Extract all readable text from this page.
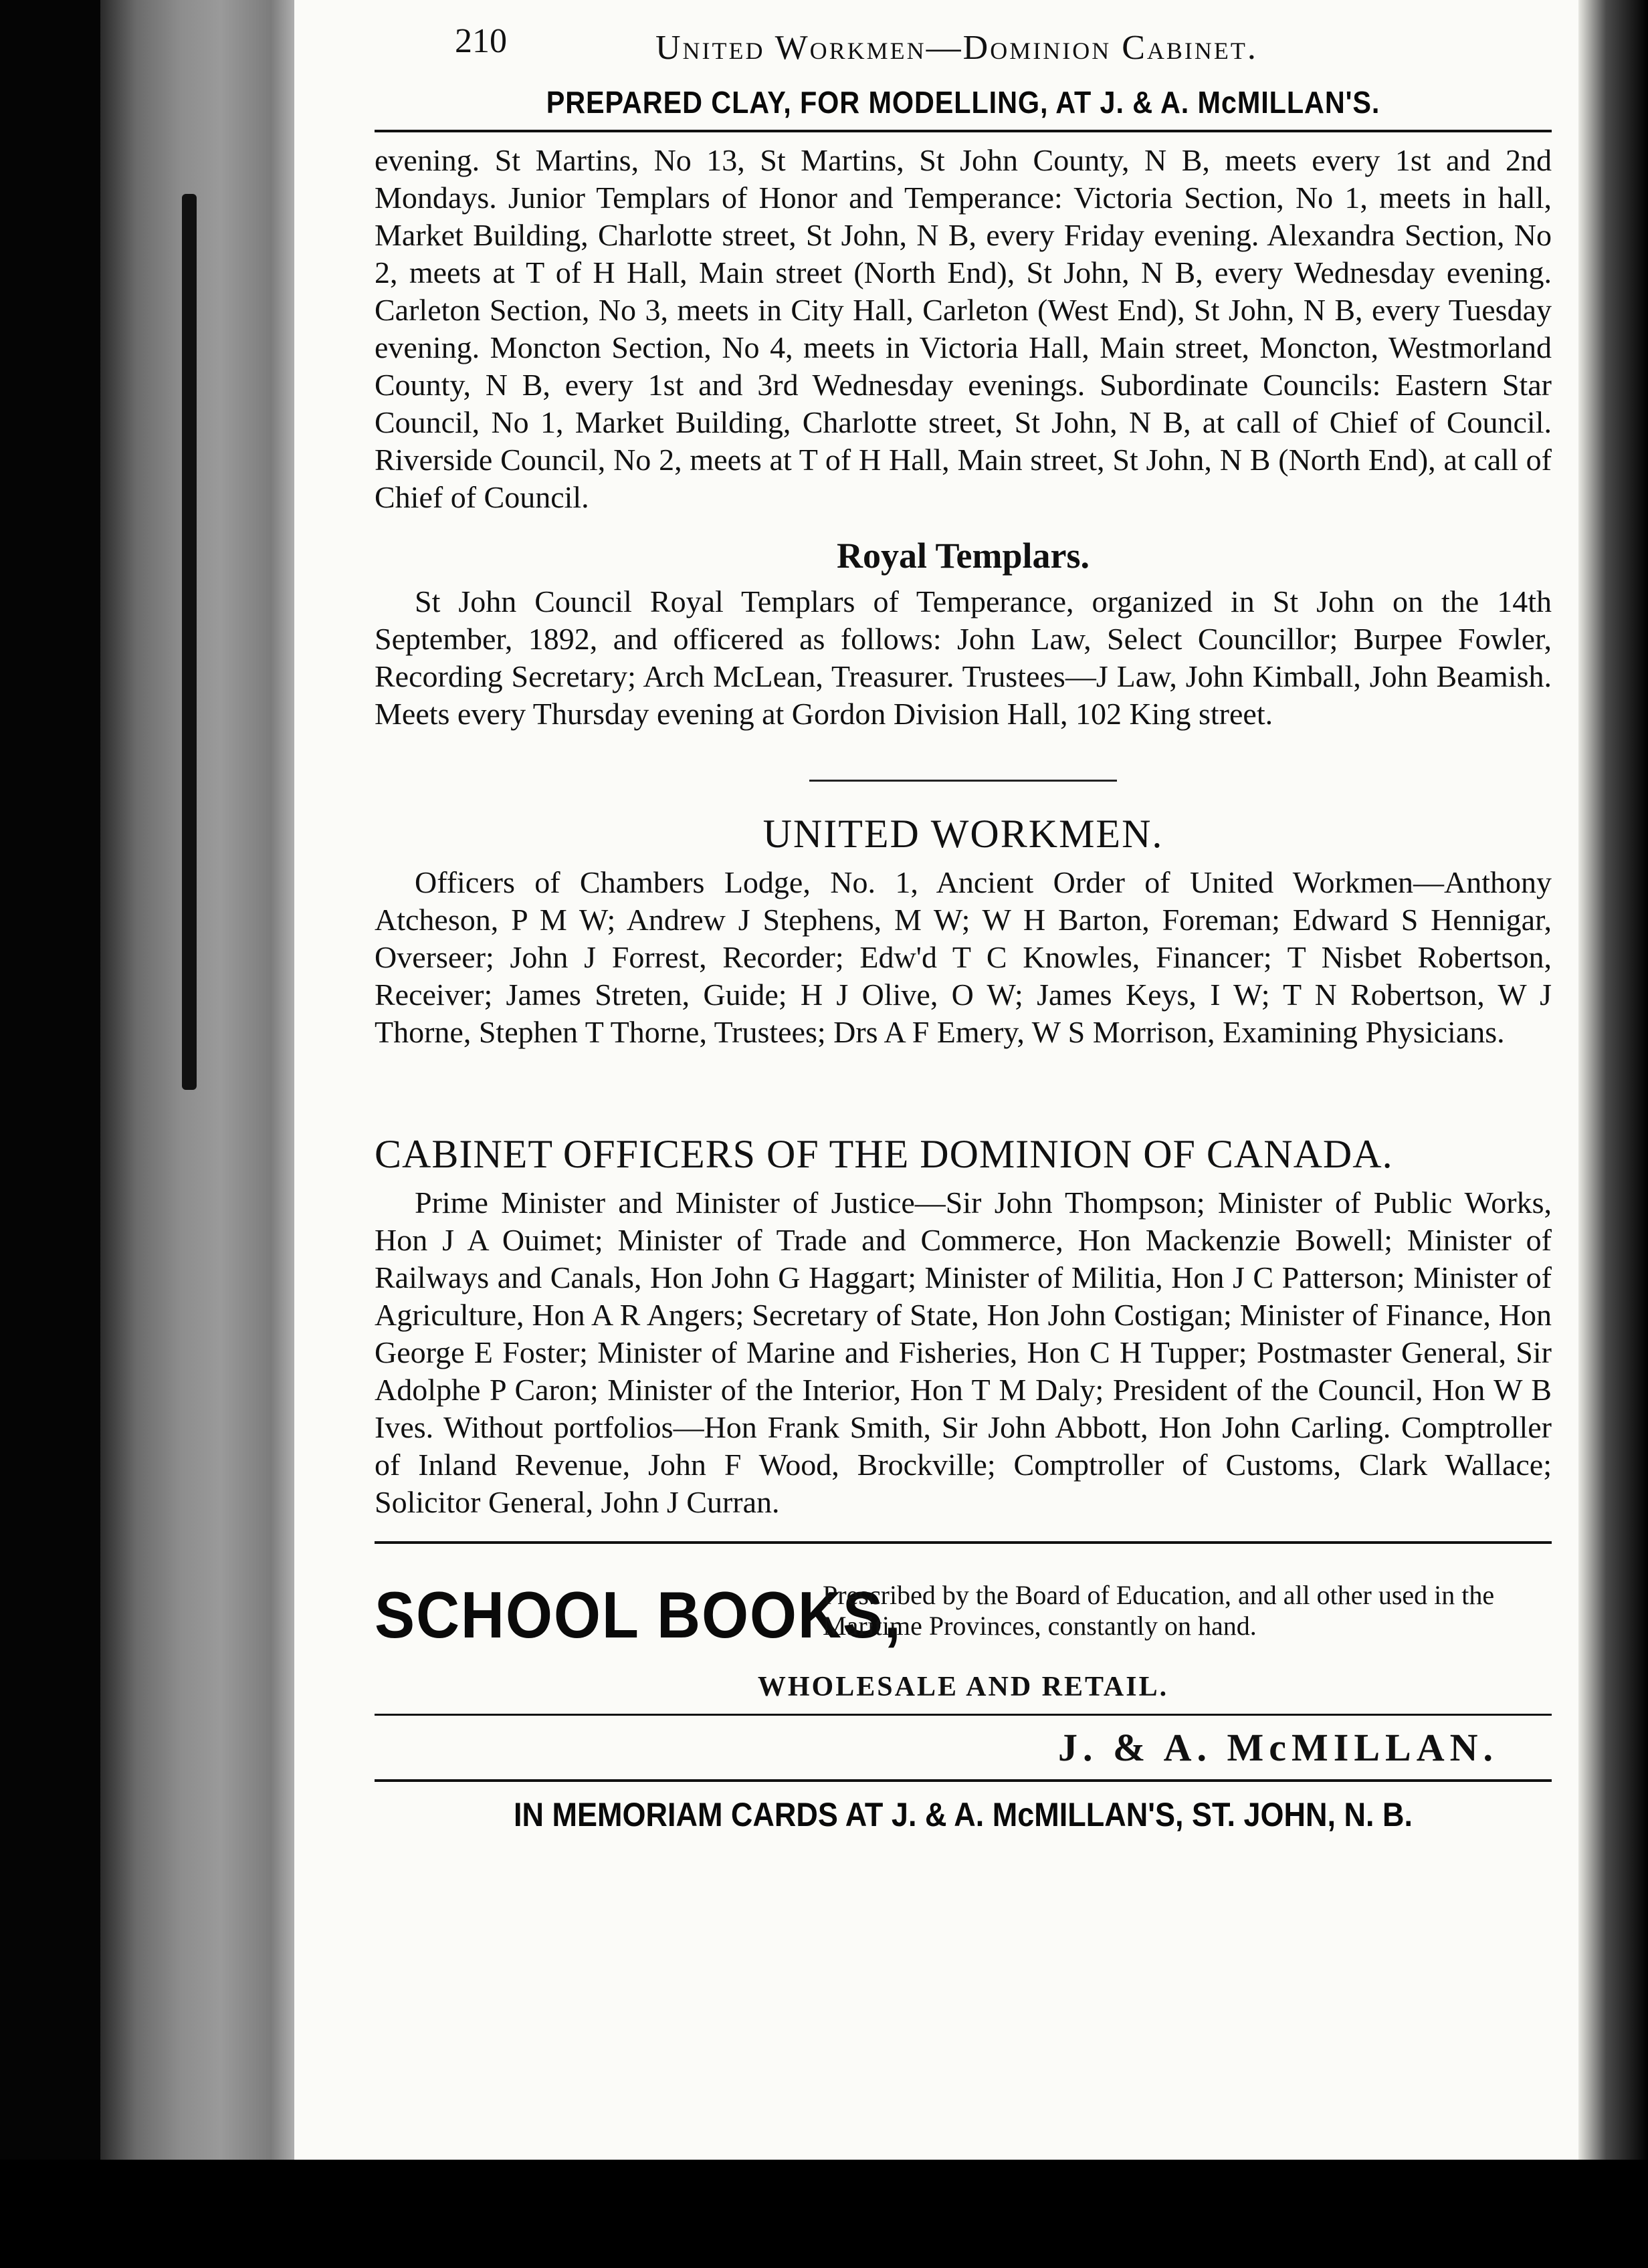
210	United Workmen—Dominion Cabinet.
PREPARED CLAY, FOR MODELLING, AT J. & A. McMILLAN'S.

evening. St Martins, No 13, St Martins, St John County, N B, meets every 1st and 2nd Mondays. Junior Templars of Honor and Temperance: Victoria Section, No 1, meets in hall, Market Building, Charlotte street, St John, N B, every Friday evening. Alexandra Section, No 2, meets at T of H Hall, Main street (North End), St John, N B, every Wednesday evening. Carleton Section, No 3, meets in City Hall, Carleton (West End), St John, N B, every Tuesday evening. Moncton Section, No 4, meets in Victoria Hall, Main street, Moncton, Westmorland County, N B, every 1st and 3rd Wednesday evenings. Subordinate Councils: Eastern Star Council, No 1, Market Building, Charlotte street, St John, N B, at call of Chief of Council. Riverside Council, No 2, meets at T of H Hall, Main street, St John, N B (North End), at call of Chief of Council.

Royal Templars.

St John Council Royal Templars of Temperance, organized in St John on the 14th September, 1892, and officered as follows: John Law, Select Councillor; Burpee Fowler, Recording Secretary; Arch McLean, Treasurer. Trustees—J Law, John Kimball, John Beamish. Meets every Thursday evening at Gordon Division Hall, 102 King street.

UNITED WORKMEN.

Officers of Chambers Lodge, No. 1, Ancient Order of United Workmen—Anthony Atcheson, P M W; Andrew J Stephens, M W; W H Barton, Foreman; Edward S Hennigar, Overseer; John J Forrest, Recorder; Edw'd T C Knowles, Financer; T Nisbet Robertson, Receiver; James Streten, Guide; H J Olive, O W; James Keys, I W; T N Robertson, W J Thorne, Stephen T Thorne, Trustees; Drs A F Emery, W S Morrison, Examining Physicians.

CABINET OFFICERS OF THE DOMINION OF CANADA.

Prime Minister and Minister of Justice—Sir John Thompson; Minister of Public Works, Hon J A Ouimet; Minister of Trade and Commerce, Hon Mackenzie Bowell; Minister of Railways and Canals, Hon John G Haggart; Minister of Militia, Hon J C Patterson; Minister of Agriculture, Hon A R Angers; Secretary of State, Hon John Costigan; Minister of Finance, Hon George E Foster; Minister of Marine and Fisheries, Hon C H Tupper; Postmaster General, Sir Adolphe P Caron; Minister of the Interior, Hon T M Daly; President of the Council, Hon W B Ives. Without portfolios—Hon Frank Smith, Sir John Abbott, Hon John Carling. Comptroller of Inland Revenue, John F Wood, Brockville; Comptroller of Customs, Clark Wallace; Solicitor General, John J Curran.

SCHOOL BOOKS,
Prescribed by the Board of Education, and all other used in the Maritime Provinces, constantly on hand.
WHOLESALE AND RETAIL.
J. & A. McMILLAN.
IN MEMORIAM CARDS AT J. & A. McMILLAN'S, ST. JOHN, N. B.
